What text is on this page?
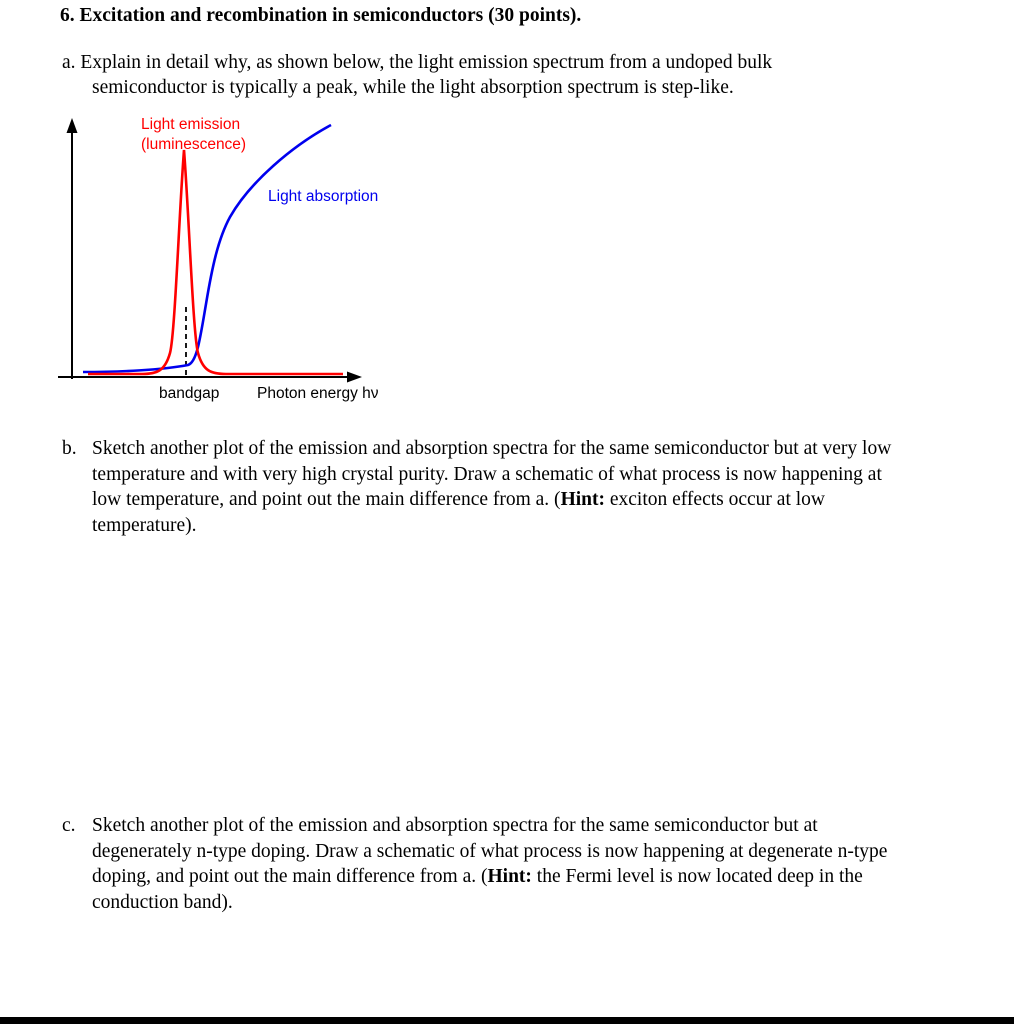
6. Excitation and recombination in semiconductors (30 points).

a. Explain in detail why, as shown below, the light emission spectrum from a undoped bulk semiconductor is typically a peak, while the light absorption spectrum is step-like.

Light emission
(luminescence)
Light absorption
bandgap Photon energy hν
b. Sketch another plot of the emission and absorption spectra for the same semiconductor but at very low temperature and with very high crystal purity. Draw a schematic of what process is now happening at low temperature, and point out the main difference from a. (Hint: exciton effects occur at low temperature).
c. Sketch another plot of the emission and absorption spectra for the same semiconductor but at degenerately n-type doping. Draw a schematic of what process is now happening at degenerate n-type doping, and point out the main difference from a. (Hint: the Fermi level is now located deep in the conduction band).
